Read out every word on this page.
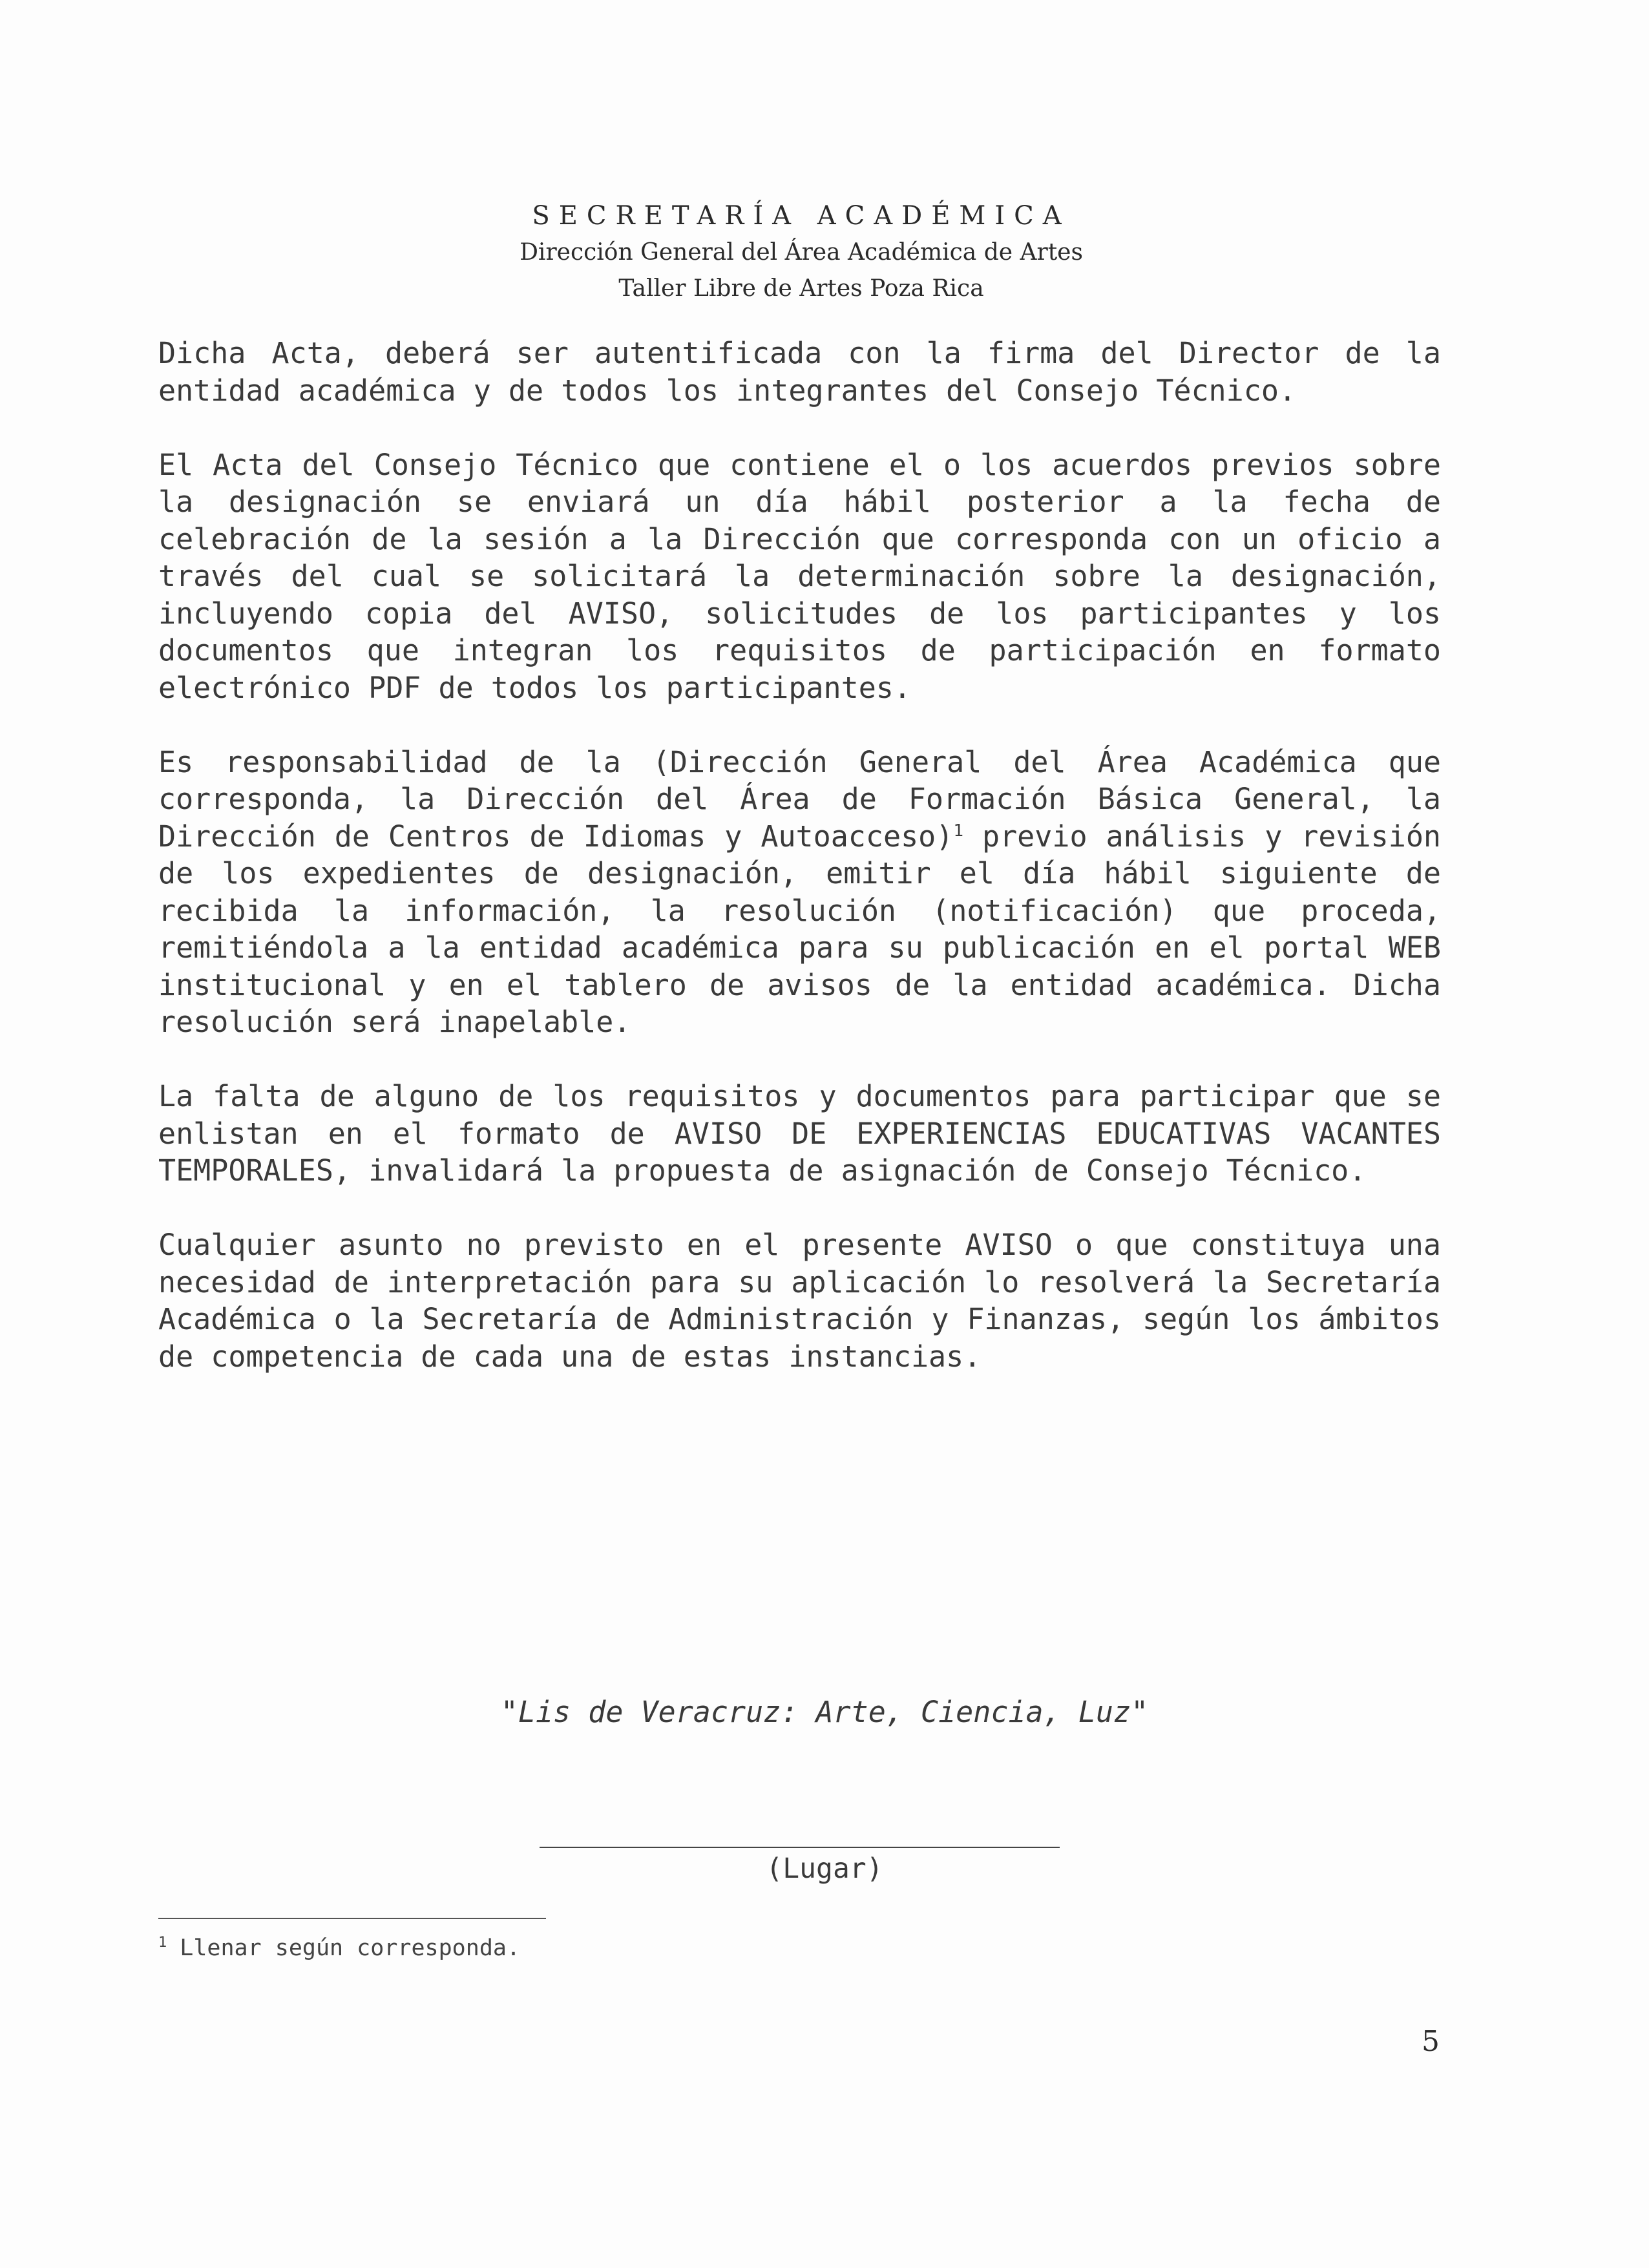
SECRETARÍA ACADÉMICA
Dirección General del Área Académica de Artes
Taller Libre de Artes Poza Rica

Dicha Acta, deberá ser autentificada con la firma del Director de la entidad académica y de todos los integrantes del Consejo Técnico.

El Acta del Consejo Técnico que contiene el o los acuerdos previos sobre la designación se enviará un día hábil posterior a la fecha de celebración de la sesión a la Dirección que corresponda con un oficio a través del cual se solicitará la determinación sobre la designación, incluyendo copia del AVISO, solicitudes de los participantes y los documentos que integran los requisitos de participación en formato electrónico PDF de todos los participantes.

Es responsabilidad de la (Dirección General del Área Académica que corresponda, la Dirección del Área de Formación Básica General, la Dirección de Centros de Idiomas y Autoacceso)$^1$ previo análisis y revisión de los expedientes de designación, emitir el día hábil siguiente de recibida la información, la resolución (notificación) que proceda, remitiéndola a la entidad académica para su publicación en el portal WEB institucional y en el tablero de avisos de la entidad académica. Dicha resolución será inapelable.

La falta de alguno de los requisitos y documentos para participar que se enlistan en el formato de AVISO DE EXPERIENCIAS EDUCATIVAS VACANTES TEMPORALES, invalidará la propuesta de asignación de Consejo Técnico.

Cualquier asunto no previsto en el presente AVISO o que constituya una necesidad de interpretación para su aplicación lo resolverá la Secretaría Académica o la Secretaría de Administración y Finanzas, según los ámbitos de competencia de cada una de estas instancias.

"Lis de Veracruz: Arte, Ciencia, Luz"
(Lugar)
$^1$ Llenar según corresponda.
5
